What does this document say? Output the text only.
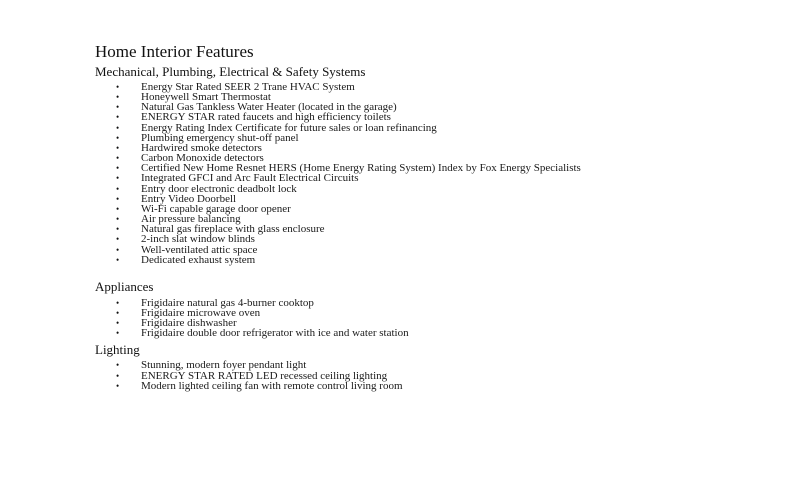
Home Interior Features
Mechanical, Plumbing, Electrical & Safety Systems
• Energy Star Rated SEER 2 Trane HVAC System
• Honeywell Smart Thermostat
• Natural Gas Tankless Water Heater (located in the garage)
• ENERGY STAR rated faucets and high efficiency toilets
• Energy Rating Index Certificate for future sales or loan refinancing
• Plumbing emergency shut-off panel
• Hardwired smoke detectors
• Carbon Monoxide detectors
• Certified New Home Resnet HERS (Home Energy Rating System) Index by Fox Energy Specialists
• Integrated GFCI and Arc Fault Electrical Circuits
• Entry door electronic deadbolt lock
• Entry Video Doorbell
• Wi-Fi capable garage door opener
• Air pressure balancing
• Natural gas fireplace with glass enclosure
• 2-inch slat window blinds
• Well-ventilated attic space
• Dedicated exhaust system
Appliances
• Frigidaire natural gas 4-burner cooktop
• Frigidaire microwave oven
• Frigidaire dishwasher
• Frigidaire double door refrigerator with ice and water station
Lighting
• Stunning, modern foyer pendant light
• ENERGY STAR RATED LED recessed ceiling lighting
• Modern lighted ceiling fan with remote control living room
